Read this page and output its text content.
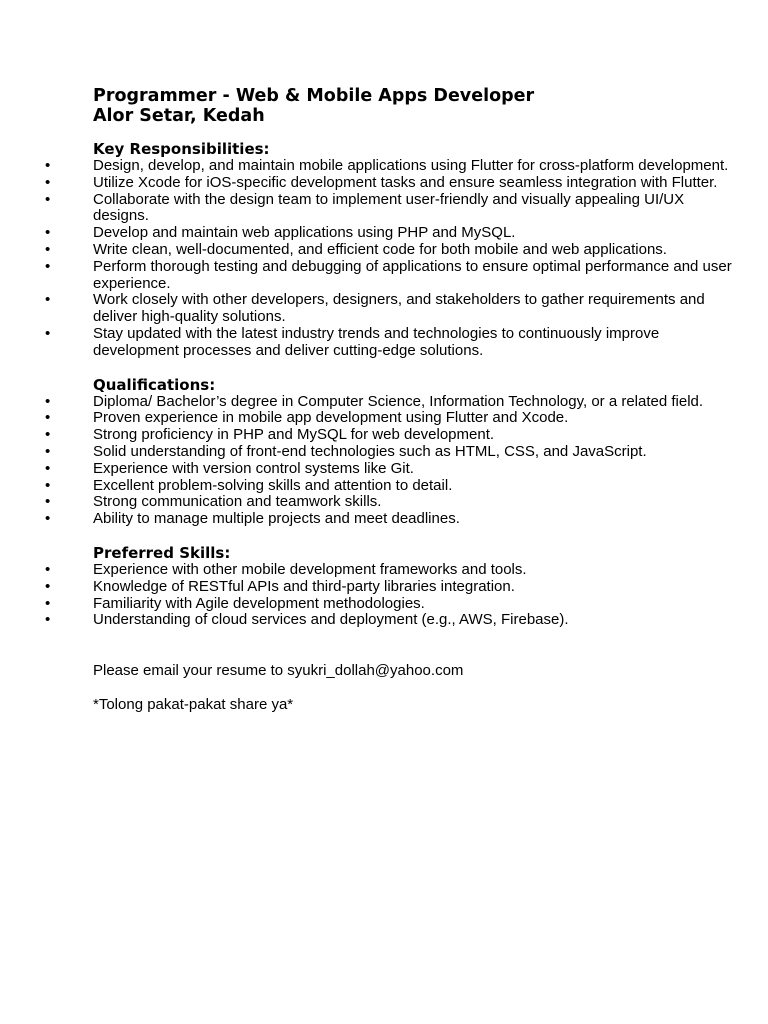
Programmer - Web & Mobile Apps Developer
Alor Setar, Kedah
Key Responsibilities:
•	Design, develop, and maintain mobile applications using Flutter for cross-platform development.
•	Utilize Xcode for iOS-specific development tasks and ensure seamless integration with Flutter.
•	Collaborate with the design team to implement user-friendly and visually appealing UI/UX designs.
•	Develop and maintain web applications using PHP and MySQL.
•	Write clean, well-documented, and efficient code for both mobile and web applications.
•	Perform thorough testing and debugging of applications to ensure optimal performance and user experience.
•	Work closely with other developers, designers, and stakeholders to gather requirements and deliver high-quality solutions.
•	Stay updated with the latest industry trends and technologies to continuously improve development processes and deliver cutting-edge solutions.
Qualifications:
•	Diploma/ Bachelor’s degree in Computer Science, Information Technology, or a related field.
•	Proven experience in mobile app development using Flutter and Xcode.
•	Strong proficiency in PHP and MySQL for web development.
•	Solid understanding of front-end technologies such as HTML, CSS, and JavaScript.
•	Experience with version control systems like Git.
•	Excellent problem-solving skills and attention to detail.
•	Strong communication and teamwork skills.
•	Ability to manage multiple projects and meet deadlines.
Preferred Skills:
•	Experience with other mobile development frameworks and tools.
•	Knowledge of RESTful APIs and third-party libraries integration.
•	Familiarity with Agile development methodologies.
•	Understanding of cloud services and deployment (e.g., AWS, Firebase).

Please email your resume to syukri_dollah@yahoo.com

*Tolong pakat-pakat share ya*
